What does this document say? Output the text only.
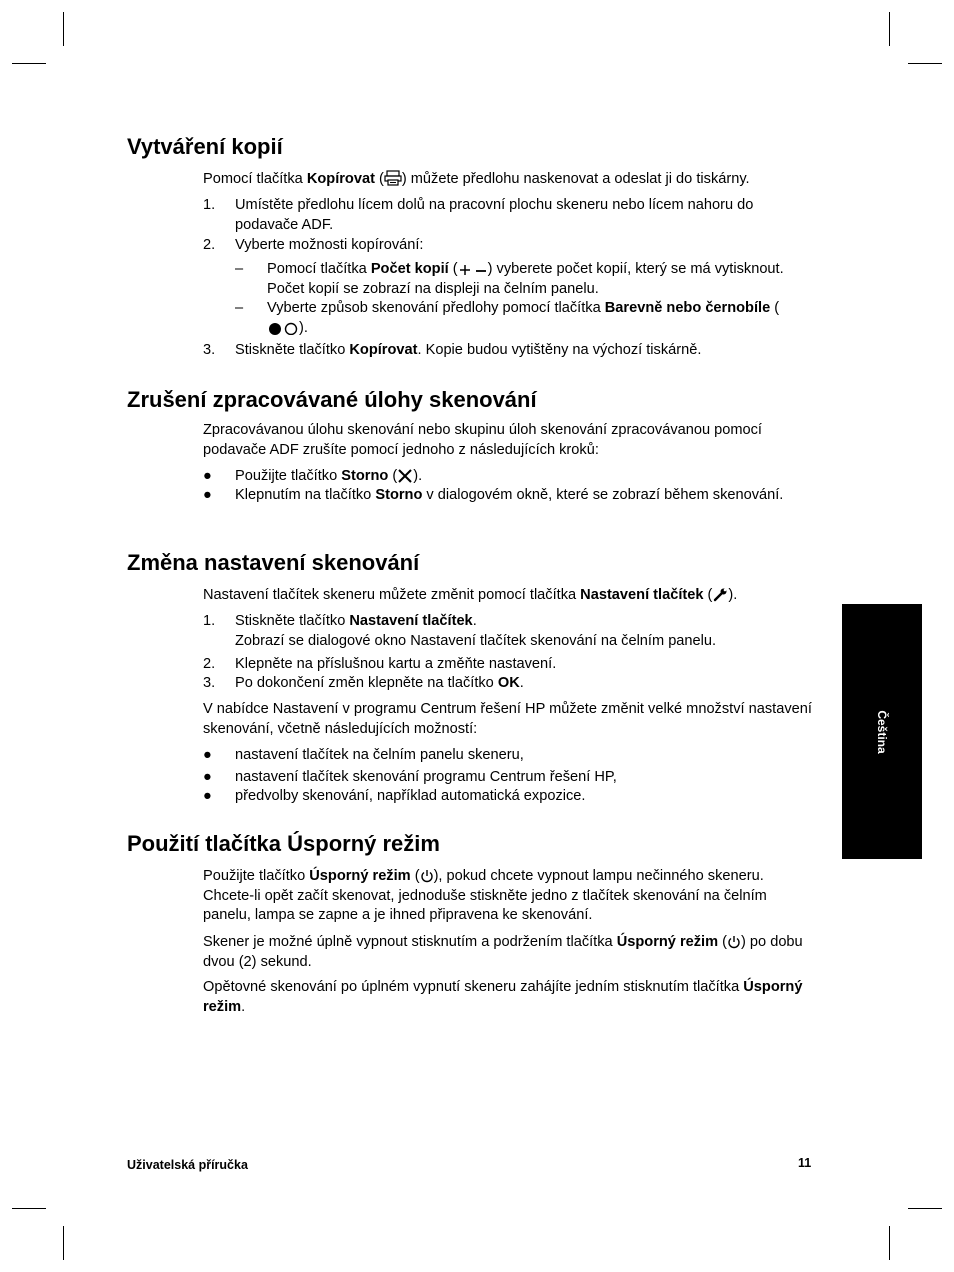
Vytváření kopií

Pomocí tlačítka Kopírovat ( ) můžete předlohu naskenovat a odeslat ji do tiskárny.

1. Umístěte předlohu lícem dolů na pracovní plochu skeneru nebo lícem nahoru do podavače ADF.
2. Vyberte možnosti kopírování:
– Pomocí tlačítka Počet kopií ( ) vyberete počet kopií, který se má vytisknout. Počet kopií se zobrazí na displeji na čelním panelu.
– Vyberte způsob skenování předlohy pomocí tlačítka Barevně nebo černobíle ().
3. Stiskněte tlačítko Kopírovat. Kopie budou vytištěny na výchozí tiskárně.
Zrušení zpracovávané úlohy skenování

Zpracovávanou úlohu skenování nebo skupinu úloh skenování zpracovávanou pomocí podavače ADF zrušíte pomocí jednoho z následujících kroků:

● Použijte tlačítko Storno ( ).
● Klepnutím na tlačítko Storno v dialogovém okně, které se zobrazí během skenování.
Změna nastavení skenování

Nastavení tlačítek skeneru můžete změnit pomocí tlačítka Nastavení tlačítek ( ).

1. Stiskněte tlačítko Nastavení tlačítek.
Zobrazí se dialogové okno Nastavení tlačítek skenování na čelním panelu.
2. Klepněte na příslušnou kartu a změňte nastavení.
3. Po dokončení změn klepněte na tlačítko OK.

V nabídce Nastavení v programu Centrum řešení HP můžete změnit velké množství nastavení skenování, včetně následujících možností:

● nastavení tlačítek na čelním panelu skeneru,
● nastavení tlačítek skenování programu Centrum řešení HP,
● předvolby skenování, například automatická expozice.
Použití tlačítka Úsporný režim

Použijte tlačítko Úsporný režim ( ), pokud chcete vypnout lampu nečinného skeneru. Chcete-li opět začít skenovat, jednoduše stiskněte jedno z tlačítek skenování na čelním panelu, lampa se zapne a je ihned připravena ke skenování.

Skener je možné úplně vypnout stisknutím a podržením tlačítka Úsporný režim ( ) po dobu dvou (2) sekund.

Opětovné skenování po úplném vypnutí skeneru zahájíte jedním stisknutím tlačítka Úsporný režim.

Čeština
Uživatelská příručka	11
